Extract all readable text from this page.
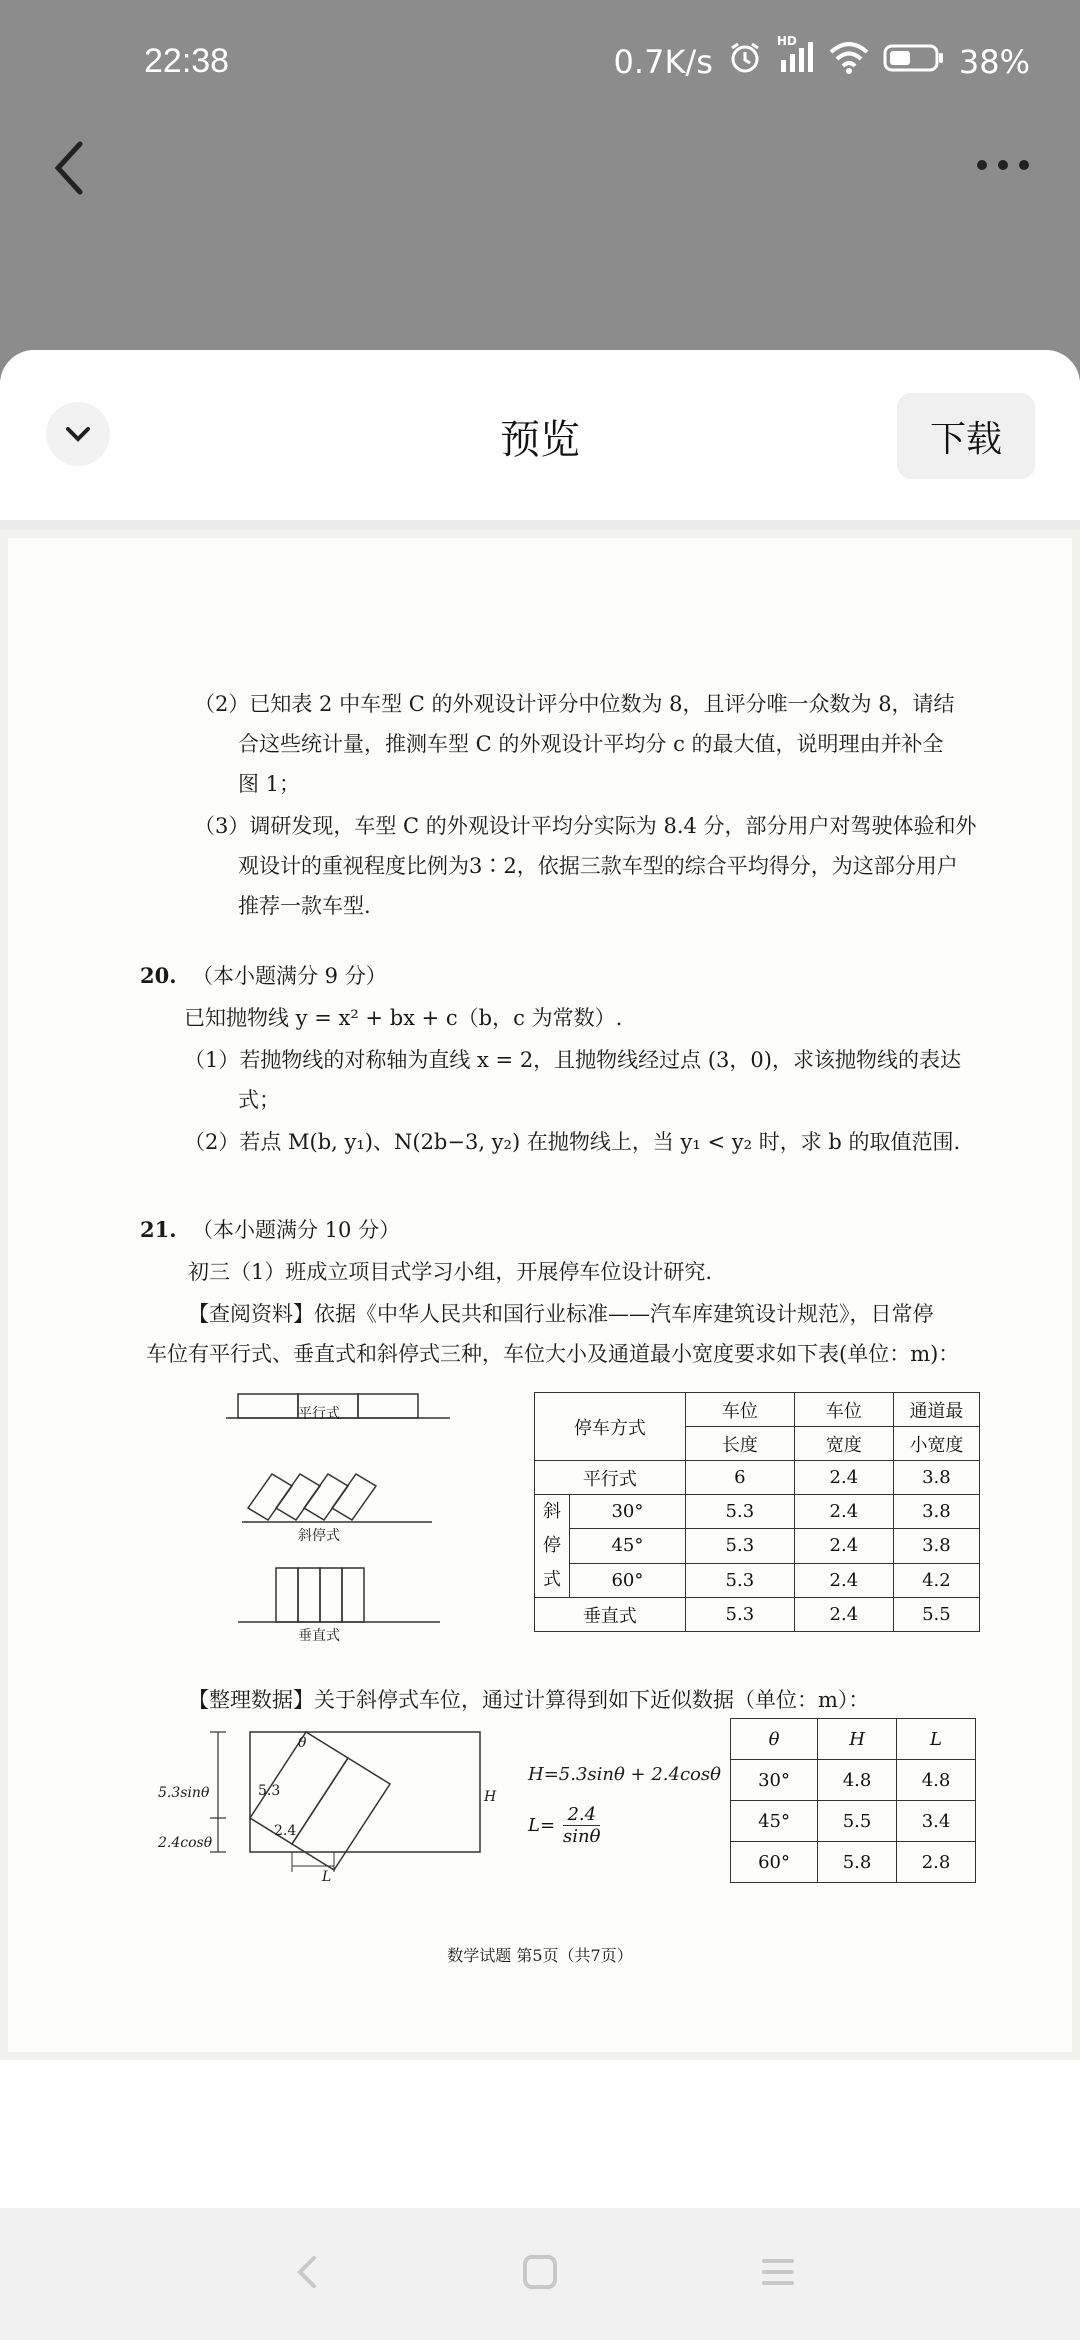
22:38	0.7K/s
HD
38%
预览	下载
（2）已知表 2 中车型 C 的外观设计评分中位数为 8，且评分唯一众数为 8，请结
合这些统计量，推测车型 C 的外观设计平均分 c 的最大值，说明理由并补全
图 1；
（3）调研发现，车型 C 的外观设计平均分实际为 8.4 分，部分用户对驾驶体验和外
观设计的重视程度比例为3∶2，依据三款车型的综合平均得分，为这部分用户
推荐一款车型.
20. （本小题满分 9 分）
已知抛物线 y = x² + bx + c（b，c 为常数）.
（1）若抛物线的对称轴为直线 x = 2，且抛物线经过点 (3，0)，求该抛物线的表达
式；
（2）若点 M(b, y₁)、N(2b−3, y₂) 在抛物线上，当 y₁ < y₂ 时，求 b 的取值范围.
21. （本小题满分 10 分）
初三（1）班成立项目式学习小组，开展停车位设计研究.
【查阅资料】依据《中华人民共和国行业标准——汽车库建筑设计规范》，日常停
车位有平行式、垂直式和斜停式三种，车位大小及通道最小宽度要求如下表(单位：m)：
平行式
斜停式
垂直式
停车方式		车位	车位	通道最
		长度	宽度	小宽度
平行式		6	2.4	3.8
斜
停
式	30°	5.3	2.4	3.8
	45°	5.3	2.4	3.8
	60°	5.3	2.4	4.2
垂直式		5.3	2.4	5.5
【整理数据】关于斜停式车位，通过计算得到如下近似数据（单位：m）：
5.3sinθ
2.4cosθ
5.3
2.4
θ
H
L
H=5.3sinθ + 2.4cosθ
$L= \frac{2.4}{\sin\theta}$
θ	H	L
30°	4.8	4.8
45°	5.5	3.4
60°	5.8	2.8
数学试题 第5页（共7页）
